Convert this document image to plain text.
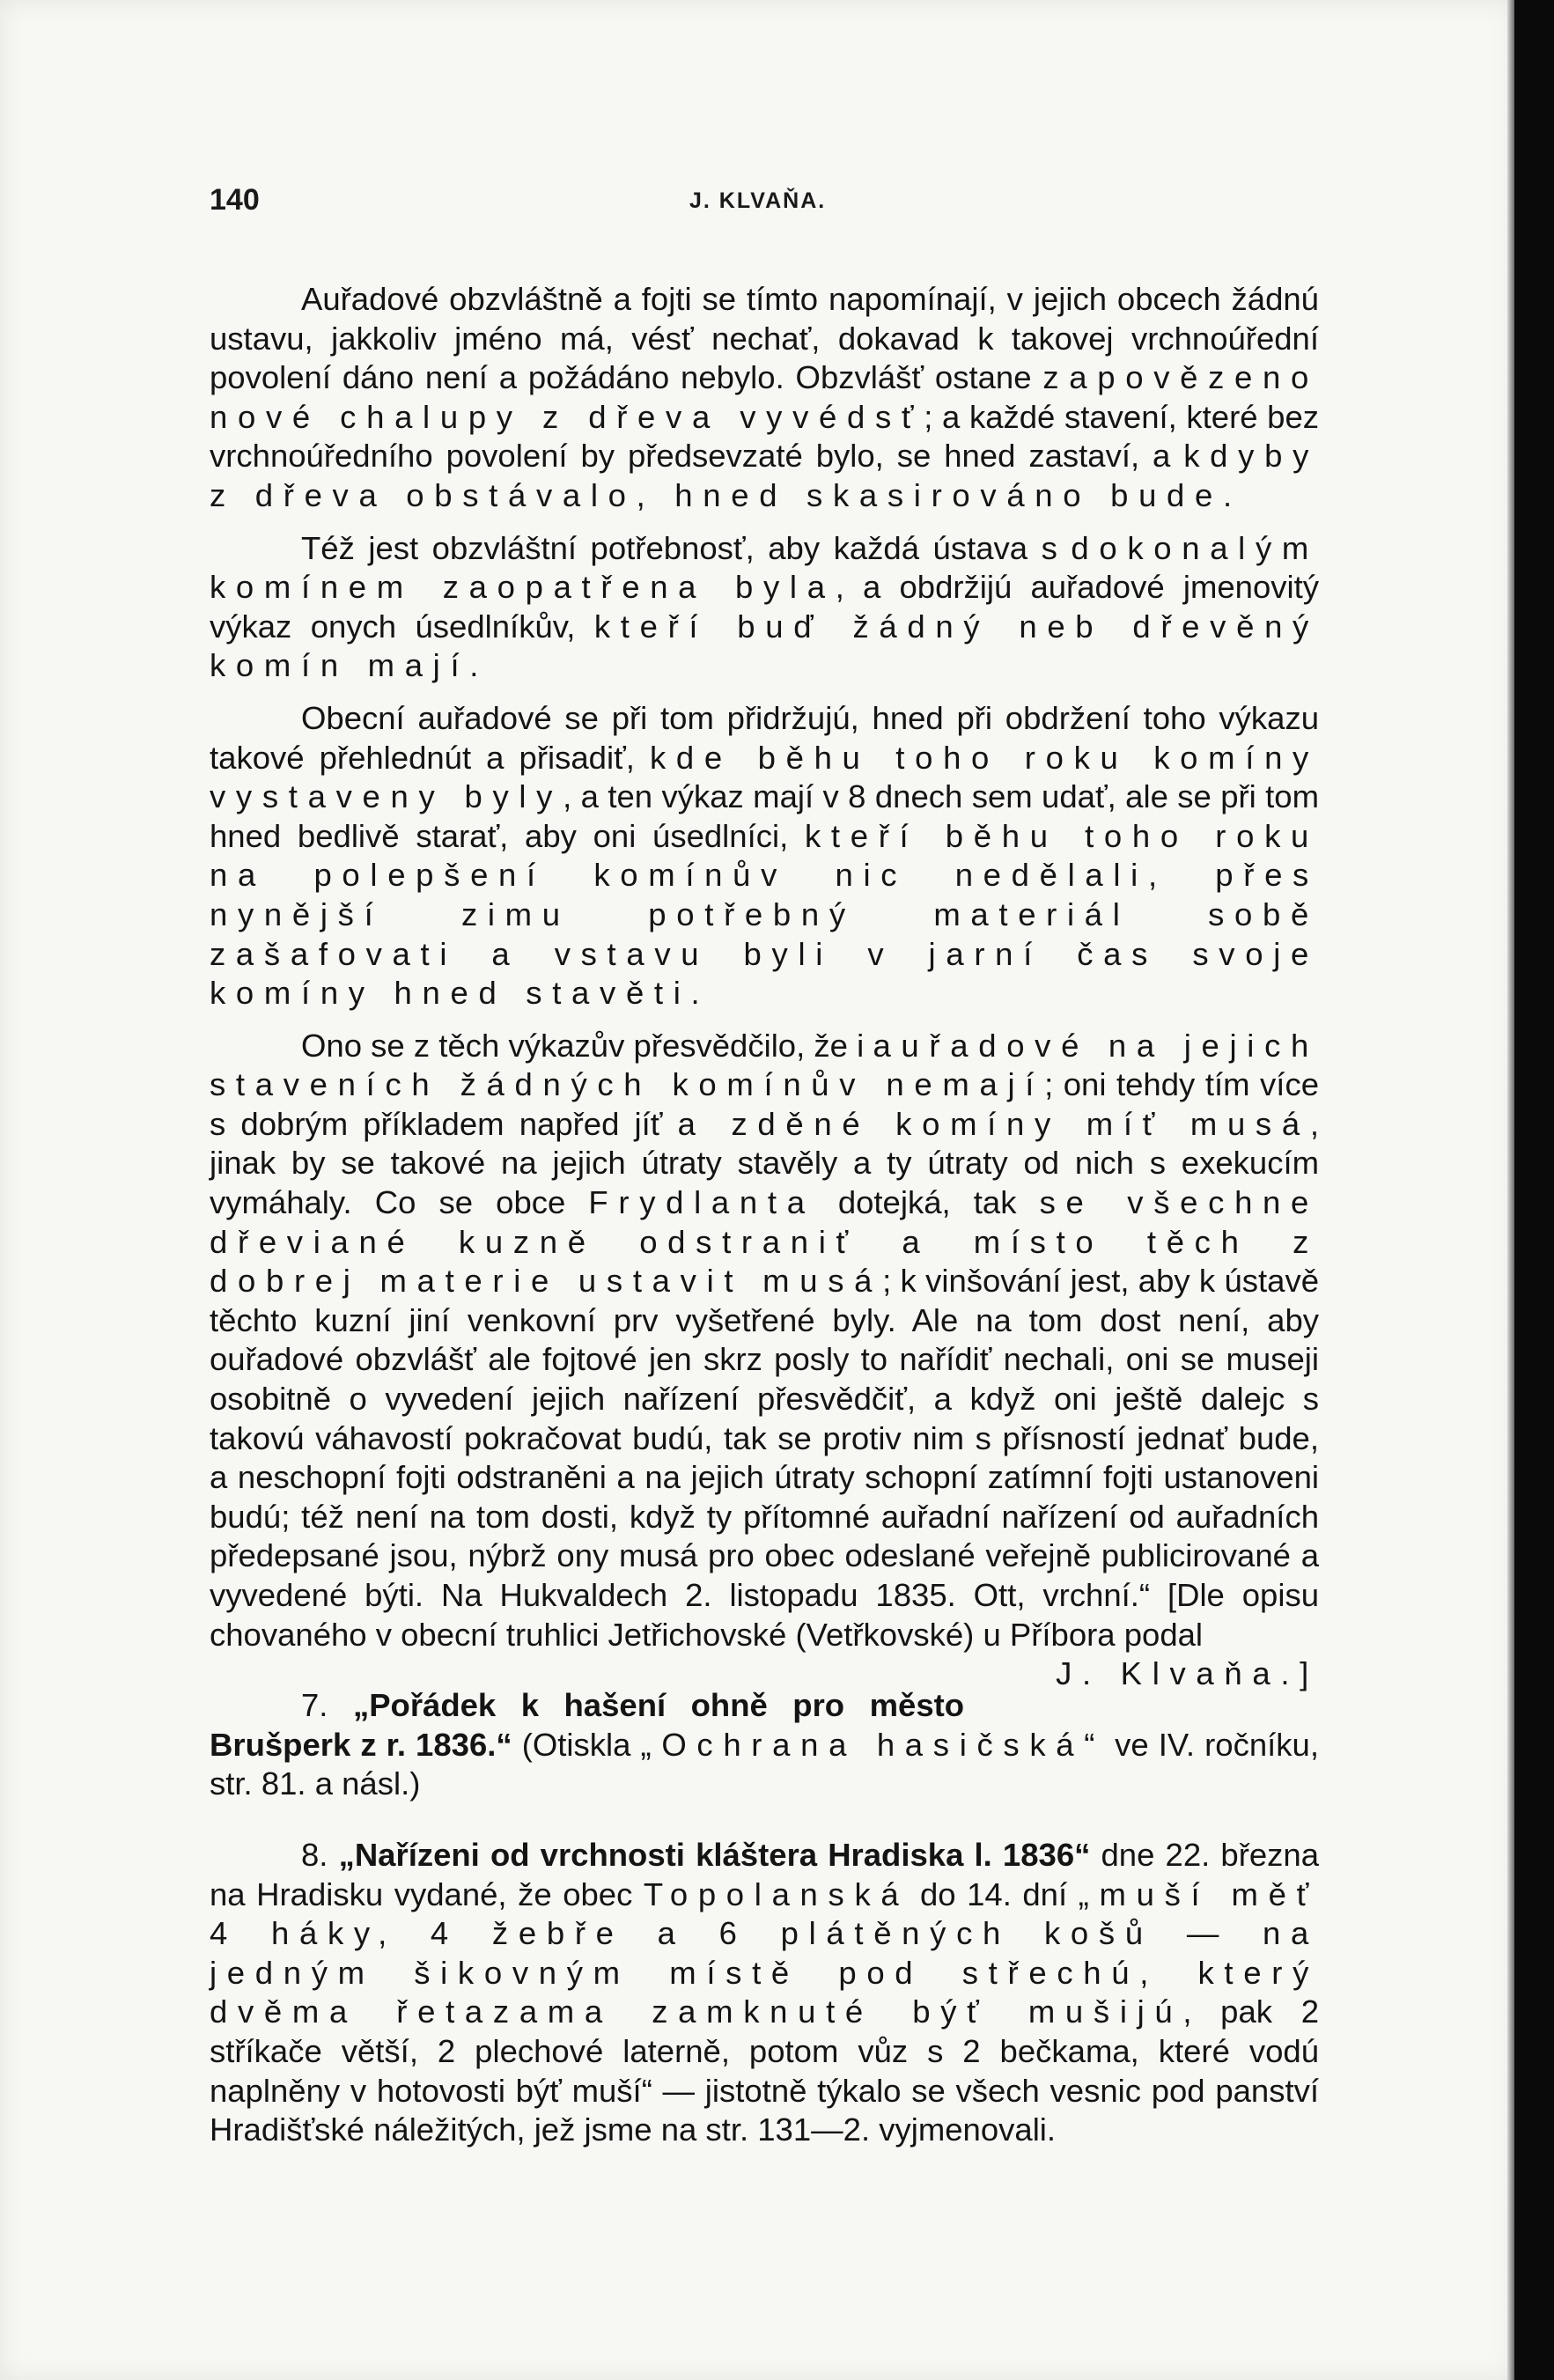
140	J. KLVAŇA.

Auřadové obzvláštně a fojti se tímto napomínají, v jejich obcech žádnú ustavu, jakkoliv jméno má, vésť nechať, dokavad k takovej vrchnoúřední povolení dáno není a požádáno nebylo. Obzvlášť ostane zapovězeno nové chalupy z dřeva vyvédsť; a každé stavení, které bez vrchnoúředního povolení by předsevzaté bylo, se hned zastaví, a kdyby z dřeva obstávalo, hned skasirováno bude.

Též jest obzvláštní potřebnosť, aby každá ústava s dokonalým komínem zaopatřena byla, a obdržijú auřadové jmenovitý výkaz onych úsedlníkův, kteří buď žádný neb dřevěný komín mají.

Obecní auřadové se při tom přidržujú, hned při obdržení toho výkazu takové přehlednút a přisadiť, kde běhu toho roku komíny vystaveny byly, a ten výkaz mají v 8 dnech sem udať, ale se při tom hned bedlivě starať, aby oni úsedlníci, kteří běhu toho roku na polepšení komínův nic nedělali, přes nynější zimu potřebný materiál sobě zašafovati a vstavu byli v jarní čas svoje komíny hned stavěti.

Ono se z těch výkazův přesvědčilo, že i auřadové na jejich staveních žádných komínův nemají; oni tehdy tím více s dobrým příkladem napřed jíť a zděné komíny míť musá, jinak by se takové na jejich útraty stavěly a ty útraty od nich s exekucím vymáhaly. Co se obce Frydlanta dotejká, tak se všechne dřeviané kuzně odstraniť a místo těch z dobrej materie ustavit musá; k vinšování jest, aby k ústavě těchto kuzní jiní venkovní prv vyšetřené byly. Ale na tom dost není, aby ouřadové obzvlášť ale fojtové jen skrz posly to nařídiť nechali, oni se museji osobitně o vyvedení jejich nařízení přesvědčiť, a když oni ještě dalejc s takovú váhavostí pokračovat budú, tak se protiv nim s přísností jednať bude, a neschopní fojti odstraněni a na jejich útraty schopní zatímní fojti ustanoveni budú; též není na tom dosti, když ty přítomné auřadní nařízení od auřadních předepsané jsou, nýbrž ony musá pro obec odeslané veřejně publicirované a vyvedené býti. Na Hukvaldech 2. listopadu 1835. Ott, vrchní.“ [Dle opisu chovaného v obecní truhlici Jetřichovské (Vetřkovské) u Příbora podal
J. Klvaňa.]

7. „Pořádek k hašení ohně pro město Brušperk z r. 1836.“ (Otiskla „Ochrana hasičská“ ve IV. ročníku, str. 81. a násl.)

8. „Nařízeni od vrchnosti kláštera Hradiska l. 1836“ dne 22. března na Hradisku vydané, že obec Topolanská do 14. dní „muší měť 4 háky, 4 žebře a 6 plátěných košů — na jedným šikovným místě pod střechú, který dvěma řetazama zamknuté býť mušijú, pak 2 stříkače větší, 2 plechové laterně, potom vůz s 2 bečkama, které vodú naplněny v hotovosti býť muší“ — jistotně týkalo se všech vesnic pod panství Hradišťské náležitých, jež jsme na str. 131—2. vyjmenovali.
